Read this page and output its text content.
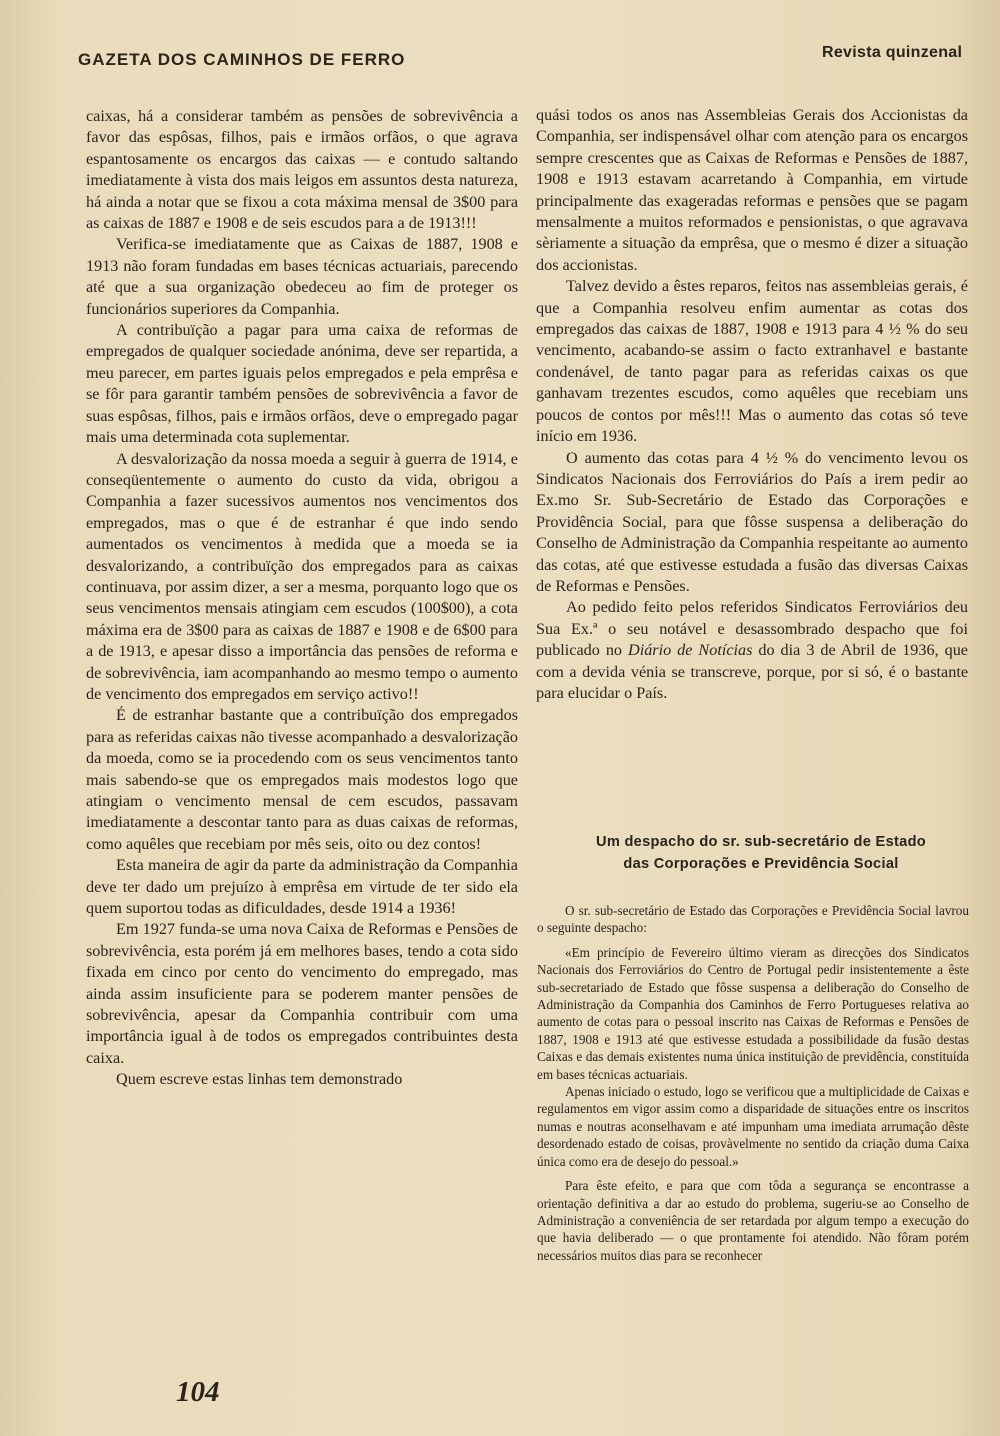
GAZETA DOS CAMINHOS DE FERRO	Revista quinzenal

caixas, há a considerar também as pensões de sobrevivência a favor das espôsas, filhos, pais e irmãos orfãos, o que agrava espantosamente os encargos das caixas — e contudo saltando imediatamente à vista dos mais leigos em assuntos desta natureza, há ainda a notar que se fixou a cota máxima mensal de 3$00 para as caixas de 1887 e 1908 e de seis escudos para a de 1913!!!

Verifica-se imediatamente que as Caixas de 1887, 1908 e 1913 não foram fundadas em bases técnicas actuariais, parecendo até que a sua organização obedeceu ao fim de proteger os funcionários superiores da Companhia.

A contribuïção a pagar para uma caixa de reformas de empregados de qualquer sociedade anónima, deve ser repartida, a meu parecer, em partes iguais pelos empregados e pela emprêsa e se fôr para garantir também pensões de sobrevivência a favor de suas espôsas, filhos, pais e irmãos orfãos, deve o empregado pagar mais uma determinada cota suplementar.

A desvalorização da nossa moeda a seguir à guerra de 1914, e conseqüentemente o aumento do custo da vida, obrigou a Companhia a fazer sucessivos aumentos nos vencimentos dos empregados, mas o que é de estranhar é que indo sendo aumentados os vencimentos à medida que a moeda se ia desvalorizando, a contribuïção dos empregados para as caixas continuava, por assim dizer, a ser a mesma, porquanto logo que os seus vencimentos mensais atingiam cem escudos (100$00), a cota máxima era de 3$00 para as caixas de 1887 e 1908 e de 6$00 para a de 1913, e apesar disso a importância das pensões de reforma e de sobrevivência, iam acompanhando ao mesmo tempo o aumento de vencimento dos empregados em serviço activo!!

É de estranhar bastante que a contribuïção dos empregados para as referidas caixas não tivesse acompanhado a desvalorização da moeda, como se ia procedendo com os seus vencimentos tanto mais sabendo-se que os empregados mais modestos logo que atingiam o vencimento mensal de cem escudos, passavam imediatamente a descontar tanto para as duas caixas de reformas, como aquêles que recebiam por mês seis, oito ou dez contos!

Esta maneira de agir da parte da administração da Companhia deve ter dado um prejuízo à emprêsa em virtude de ter sido ela quem suportou todas as dificuldades, desde 1914 a 1936!

Em 1927 funda-se uma nova Caixa de Reformas e Pensões de sobrevivência, esta porém já em melhores bases, tendo a cota sido fixada em cinco por cento do vencimento do empregado, mas ainda assim insuficiente para se poderem manter pensões de sobrevivência, apesar da Companhia contribuir com uma importância igual à de todos os empregados contribuintes desta caixa.

Quem escreve estas linhas tem demonstrado

quási todos os anos nas Assembleias Gerais dos Accionistas da Companhia, ser indispensável olhar com atenção para os encargos sempre crescentes que as Caixas de Reformas e Pensões de 1887, 1908 e 1913 estavam acarretando à Companhia, em virtude principalmente das exageradas reformas e pensões que se pagam mensalmente a muitos reformados e pensionistas, o que agravava sèriamente a situação da emprêsa, que o mesmo é dizer a situação dos accionistas.

Talvez devido a êstes reparos, feitos nas assembleias gerais, é que a Companhia resolveu enfim aumentar as cotas dos empregados das caixas de 1887, 1908 e 1913 para 4 ½ % do seu vencimento, acabando-se assim o facto extranhavel e bastante condenável, de tanto pagar para as referidas caixas os que ganhavam trezentes escudos, como aquêles que recebiam uns poucos de contos por mês!!! Mas o aumento das cotas só teve início em 1936.

O aumento das cotas para 4 ½ % do vencimento levou os Sindicatos Nacionais dos Ferroviários do País a irem pedir ao Ex.mo Sr. Sub-Secretário de Estado das Corporações e Providência Social, para que fôsse suspensa a deliberação do Conselho de Administração da Companhia respeitante ao aumento das cotas, até que estivesse estudada a fusão das diversas Caixas de Reformas e Pensões.

Ao pedido feito pelos referidos Sindicatos Ferroviários deu Sua Ex.ª o seu notável e desassombrado despacho que foi publicado no Diário de Notícias do dia 3 de Abril de 1936, que com a devida vénia se transcreve, porque, por si só, é o bastante para elucidar o País.

Um despacho do sr. sub-secretário de Estado
das Corporações e Previdência Social

O sr. sub-secretário de Estado das Corporações e Previdência Social lavrou o seguinte despacho:

«Em princípio de Fevereiro último vieram as direcções dos Sindicatos Nacionais dos Ferroviários do Centro de Portugal pedir insistentemente a êste sub-secretariado de Estado que fôsse suspensa a deliberação do Conselho de Administração da Companhia dos Caminhos de Ferro Portugueses relativa ao aumento de cotas para o pessoal inscrito nas Caixas de Reformas e Pensões de 1887, 1908 e 1913 até que estivesse estudada a possibilidade da fusão destas Caixas e das demais existentes numa única instituição de previdência, constituída em bases técnicas actuariais.

Apenas iniciado o estudo, logo se verificou que a multiplicidade de Caixas e regulamentos em vigor assim como a disparidade de situações entre os inscritos numas e noutras aconselhavam e até impunham uma imediata arrumação dêste desordenado estado de coisas, provàvelmente no sentido da criação duma Caixa única como era de desejo do pessoal.»

Para êste efeito, e para que com tôda a segurança se encontrasse a orientação definitiva a dar ao estudo do problema, sugeriu-se ao Conselho de Administração a conveniência de ser retardada por algum tempo a execução do que havia deliberado — o que prontamente foi atendido. Não fôram porém necessários muitos dias para se reconhecer

104
